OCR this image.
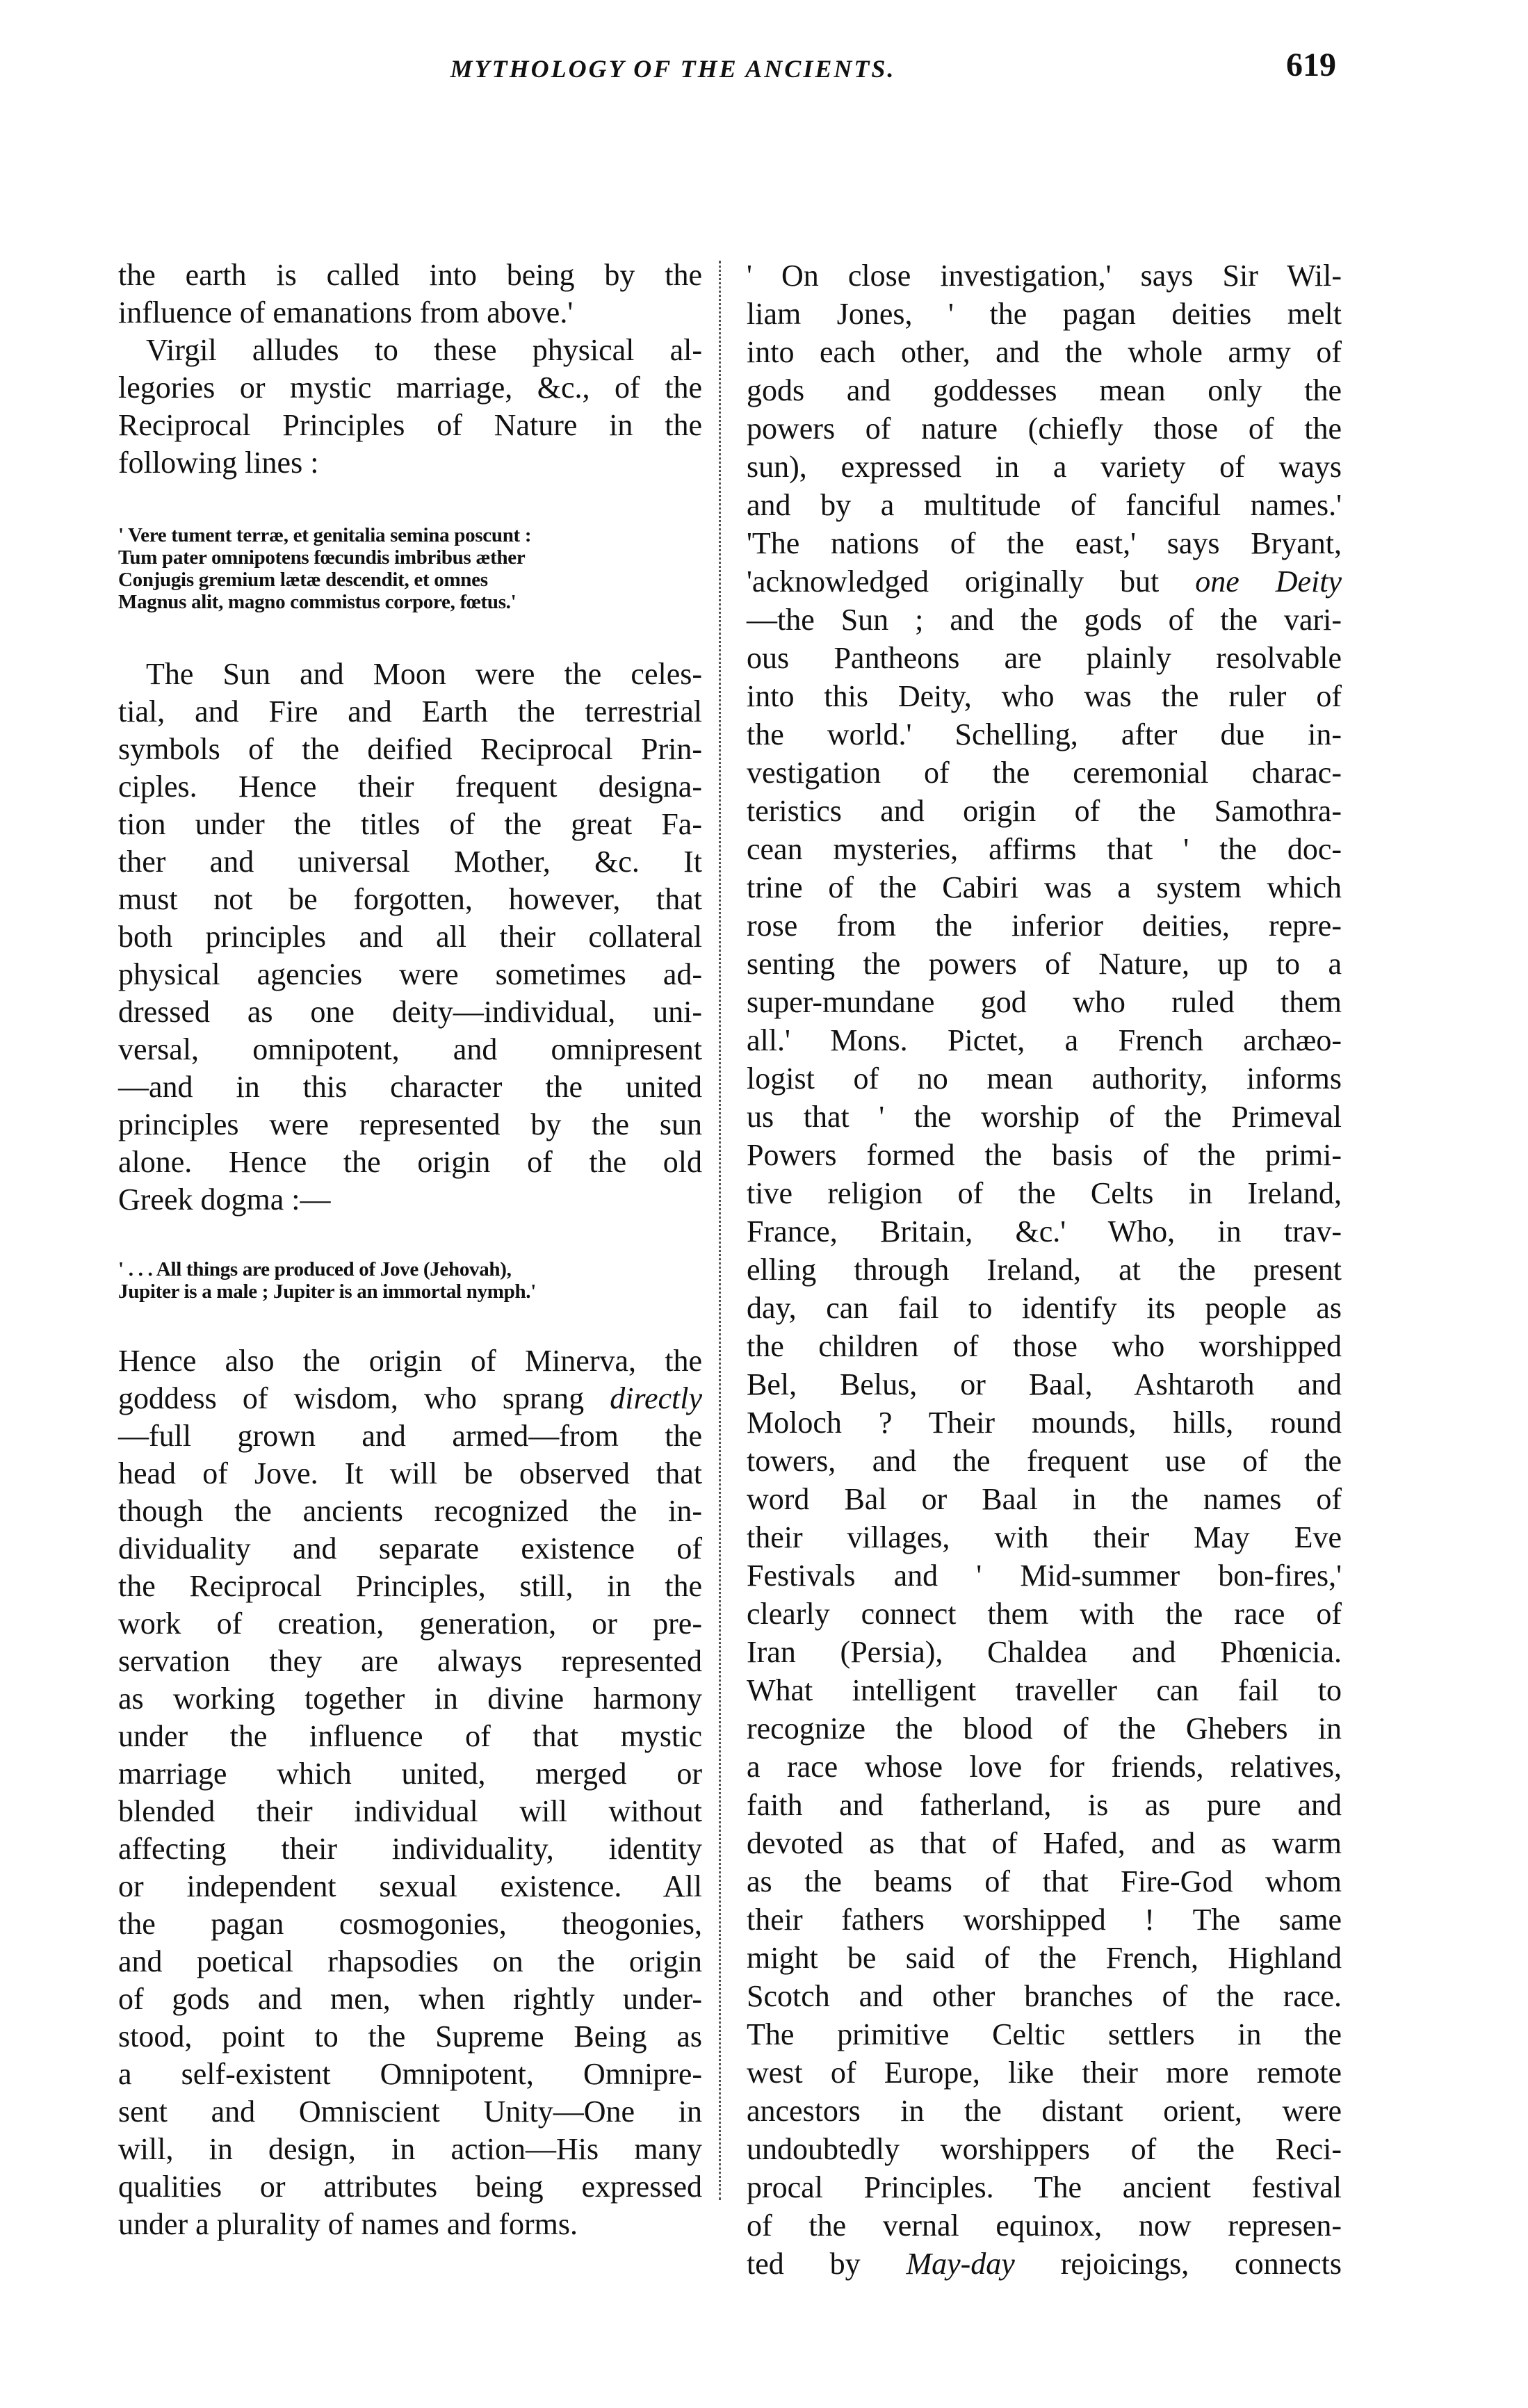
MYTHOLOGY OF THE ANCIENTS.	619
the earth is called into being by the
influence of emanations from above.'
Virgil alludes to these physical al-
legories or mystic marriage, &c., of the
Reciprocal Principles of Nature in the
following lines :
' Vere tument terræ, et genitalia semina poscunt :
Tum pater omnipotens fœcundis imbribus æther
Conjugis gremium lætæ descendit, et omnes
Magnus alit, magno commistus corpore, fœtus.'
The Sun and Moon were the celes-
tial, and Fire and Earth the terrestrial
symbols of the deified Reciprocal Prin-
ciples. Hence their frequent designa-
tion under the titles of the great Fa-
ther and universal Mother, &c. It
must not be forgotten, however, that
both principles and all their collateral
physical agencies were sometimes ad-
dressed as one deity—individual, uni-
versal, omnipotent, and omnipresent
—and in this character the united
principles were represented by the sun
alone. Hence the origin of the old
Greek dogma :—
' . . . All things are produced of Jove (Jehovah),
Jupiter is a male ; Jupiter is an immortal nymph.'
Hence also the origin of Minerva, the
goddess of wisdom, who sprang directly
—full grown and armed—from the
head of Jove. It will be observed that
though the ancients recognized the in-
dividuality and separate existence of
the Reciprocal Principles, still, in the
work of creation, generation, or pre-
servation they are always represented
as working together in divine harmony
under the influence of that mystic
marriage which united, merged or
blended their individual will without
affecting their individuality, identity
or independent sexual existence. All
the pagan cosmogonies, theogonies,
and poetical rhapsodies on the origin
of gods and men, when rightly under-
stood, point to the Supreme Being as
a self-existent Omnipotent, Omnipre-
sent and Omniscient Unity—One in
will, in design, in action—His many
qualities or attributes being expressed
under a plurality of names and forms.
' On close investigation,' says Sir Wil-
liam Jones, ' the pagan deities melt
into each other, and the whole army of
gods and goddesses mean only the
powers of nature (chiefly those of the
sun), expressed in a variety of ways
and by a multitude of fanciful names.'
'The nations of the east,' says Bryant,
'acknowledged originally but one Deity
—the Sun ; and the gods of the vari-
ous Pantheons are plainly resolvable
into this Deity, who was the ruler of
the world.' Schelling, after due in-
vestigation of the ceremonial charac-
teristics and origin of the Samothra-
cean mysteries, affirms that ' the doc-
trine of the Cabiri was a system which
rose from the inferior deities, repre-
senting the powers of Nature, up to a
super-mundane god who ruled them
all.' Mons. Pictet, a French archæo-
logist of no mean authority, informs
us that ' the worship of the Primeval
Powers formed the basis of the primi-
tive religion of the Celts in Ireland,
France, Britain, &c.' Who, in trav-
elling through Ireland, at the present
day, can fail to identify its people as
the children of those who worshipped
Bel, Belus, or Baal, Ashtaroth and
Moloch ? Their mounds, hills, round
towers, and the frequent use of the
word Bal or Baal in the names of
their villages, with their May Eve
Festivals and ' Mid-summer bon-fires,'
clearly connect them with the race of
Iran (Persia), Chaldea and Phœnicia.
What intelligent traveller can fail to
recognize the blood of the Ghebers in
a race whose love for friends, relatives,
faith and fatherland, is as pure and
devoted as that of Hafed, and as warm
as the beams of that Fire-God whom
their fathers worshipped ! The same
might be said of the French, Highland
Scotch and other branches of the race.
The primitive Celtic settlers in the
west of Europe, like their more remote
ancestors in the distant orient, were
undoubtedly worshippers of the Reci-
procal Principles. The ancient festival
of the vernal equinox, now represen-
ted by May-day rejoicings, connects
